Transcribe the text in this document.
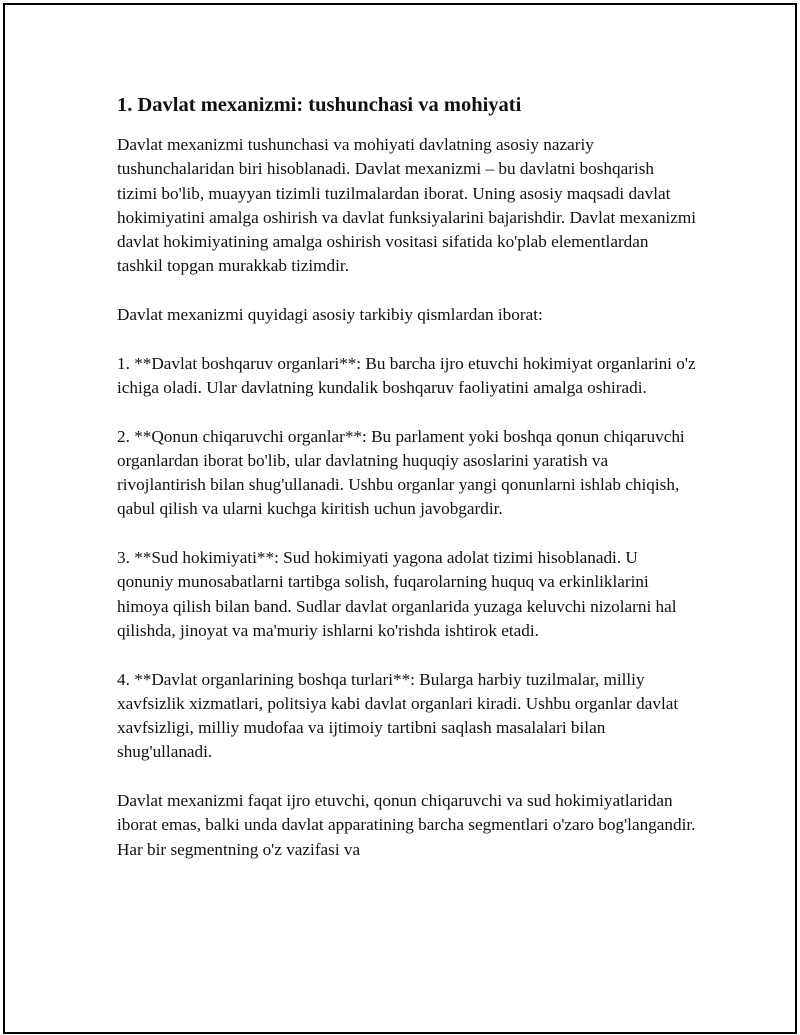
1. Davlat mexanizmi: tushunchasi va mohiyati

Davlat mexanizmi tushunchasi va mohiyati davlatning asosiy nazariy tushunchalaridan biri hisoblanadi. Davlat mexanizmi – bu davlatni boshqarish tizimi bo'lib, muayyan tizimli tuzilmalardan iborat. Uning asosiy maqsadi davlat hokimiyatini amalga oshirish va davlat funksiyalarini bajarishdir. Davlat mexanizmi davlat hokimiyatining amalga oshirish vositasi sifatida ko'plab elementlardan tashkil topgan murakkab tizimdir.

Davlat mexanizmi quyidagi asosiy tarkibiy qismlardan iborat:

1. **Davlat boshqaruv organlari**: Bu barcha ijro etuvchi hokimiyat organlarini o'z ichiga oladi. Ular davlatning kundalik boshqaruv faoliyatini amalga oshiradi.

2. **Qonun chiqaruvchi organlar**: Bu parlament yoki boshqa qonun chiqaruvchi organlardan iborat bo'lib, ular davlatning huquqiy asoslarini yaratish va rivojlantirish bilan shug'ullanadi. Ushbu organlar yangi qonunlarni ishlab chiqish, qabul qilish va ularni kuchga kiritish uchun javobgardir.

3. **Sud hokimiyati**: Sud hokimiyati yagona adolat tizimi hisoblanadi. U qonuniy munosabatlarni tartibga solish, fuqarolarning huquq va erkinliklarini himoya qilish bilan band. Sudlar davlat organlarida yuzaga keluvchi nizolarni hal qilishda, jinoyat va ma'muriy ishlarni ko'rishda ishtirok etadi.

4. **Davlat organlarining boshqa turlari**: Bularga harbiy tuzilmalar, milliy xavfsizlik xizmatlari, politsiya kabi davlat organlari kiradi. Ushbu organlar davlat xavfsizligi, milliy mudofaa va ijtimoiy tartibni saqlash masalalari bilan shug'ullanadi.

Davlat mexanizmi faqat ijro etuvchi, qonun chiqaruvchi va sud hokimiyatlaridan iborat emas, balki unda davlat apparatining barcha segmentlari o'zaro bog'langandir. Har bir segmentning o'z vazifasi va
